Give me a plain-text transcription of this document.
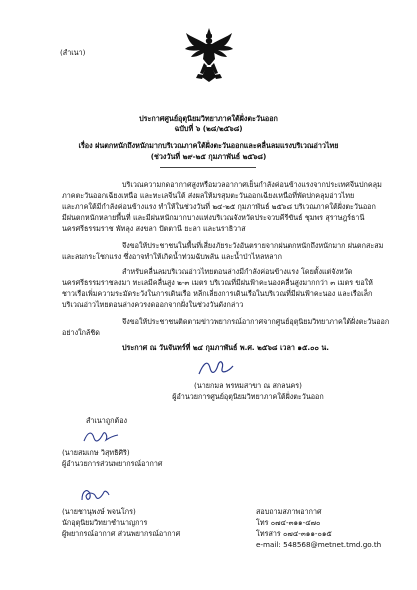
(สำเนา)
ประกาศศูนย์อุตุนิยมวิทยาภาคใต้ฝั่งตะวันออก
ฉบับที่ ๖ (๒๘/๒๕๖๘)
เรื่อง ฝนตกหนักถึงหนักมากบริเวณภาคใต้ฝั่งตะวันออกและคลื่นลมแรงบริเวณอ่าวไทย
(ช่วงวันที่ ๒๙-๒๕ กุมภาพันธ์ ๒๕๖๘)
บริเวณความกดอากาศสูงหรือมวลอากาศเย็นกำลังค่อนข้างแรงจากประเทศจีนปกคลุม
ภาคตะวันออกเฉียงเหนือ และทะเลจีนใต้ ส่งผลให้มรสุมตะวันออกเฉียงเหนือที่พัดปกคลุมอ่าวไทย
และภาคใต้มีกำลังค่อนข้างแรง ทำให้ในช่วงวันที่ ๒๔-๒๕ กุมภาพันธ์ ๒๕๖๘ บริเวณภาคใต้ฝั่งตะวันออก
มีฝนตกหนักหลายพื้นที่ และมีฝนหนักมากบางแห่งบริเวณจังหวัดประจวบคีรีขันธ์ ชุมพร สุราษฎร์ธานี
นครศรีธรรมราช พัทลุง สงขลา ปัตตานี ยะลา และนราธิวาส
จึงขอให้ประชาชนในพื้นที่เสี่ยงภัยระวังอันตรายจากฝนตกหนักถึงหนักมาก ฝนตกสะสม
และลมกระโชกแรง ซึ่งอาจทำให้เกิดน้ำท่วมฉับพลัน และน้ำป่าไหลหลาก
สำหรับคลื่นลมบริเวณอ่าวไทยตอนล่างมีกำลังค่อนข้างแรง โดยตั้งแต่จังหวัด
นครศรีธรรมราชลงมา ทะเลมีคลื่นสูง ๒-๓ เมตร บริเวณที่มีฝนฟ้าคะนองคลื่นสูงมากกว่า ๓ เมตร ขอให้
ชาวเรือเพิ่มความระมัดระวังในการเดินเรือ หลีกเลี่ยงการเดินเรือในบริเวณที่มีฝนฟ้าคะนอง และเรือเล็ก
บริเวณอ่าวไทยตอนล่างควรงดออกจากฝั่งในช่วงวันดังกล่าว
จึงขอให้ประชาชนติดตามข่าวพยากรณ์อากาศจากศูนย์อุตุนิยมวิทยาภาคใต้ฝั่งตะวันออก
อย่างใกล้ชิด
ประกาศ ณ วันจันทร์ที่ ๒๔ กุมภาพันธ์ พ.ศ. ๒๕๖๘ เวลา ๑๕.๐๐ น.
(นายกมล พรหมสาขา ณ สกลนคร)
ผู้อำนวยการศูนย์อุตุนิยมวิทยาภาคใต้ฝั่งตะวันออก
สำเนาถูกต้อง
(นายสมเกษ วิสุทธิศิริ)
ผู้อำนวยการส่วนพยากรณ์อากาศ
(นายชานุพงษ์ พจนโกร)
นักอุตุนิยมวิทยาชำนาญการ
ผู้พยากรณ์อากาศ ส่วนพยากรณ์อากาศ
สอบถามสภาพอากาศ
โทร ๐๗๔-๓๑๑-๔๗๐
โทรสาร ๐๗๔-๓๑๑-๐๑๕
e-mail: 548568@metnet.tmd.go.th
